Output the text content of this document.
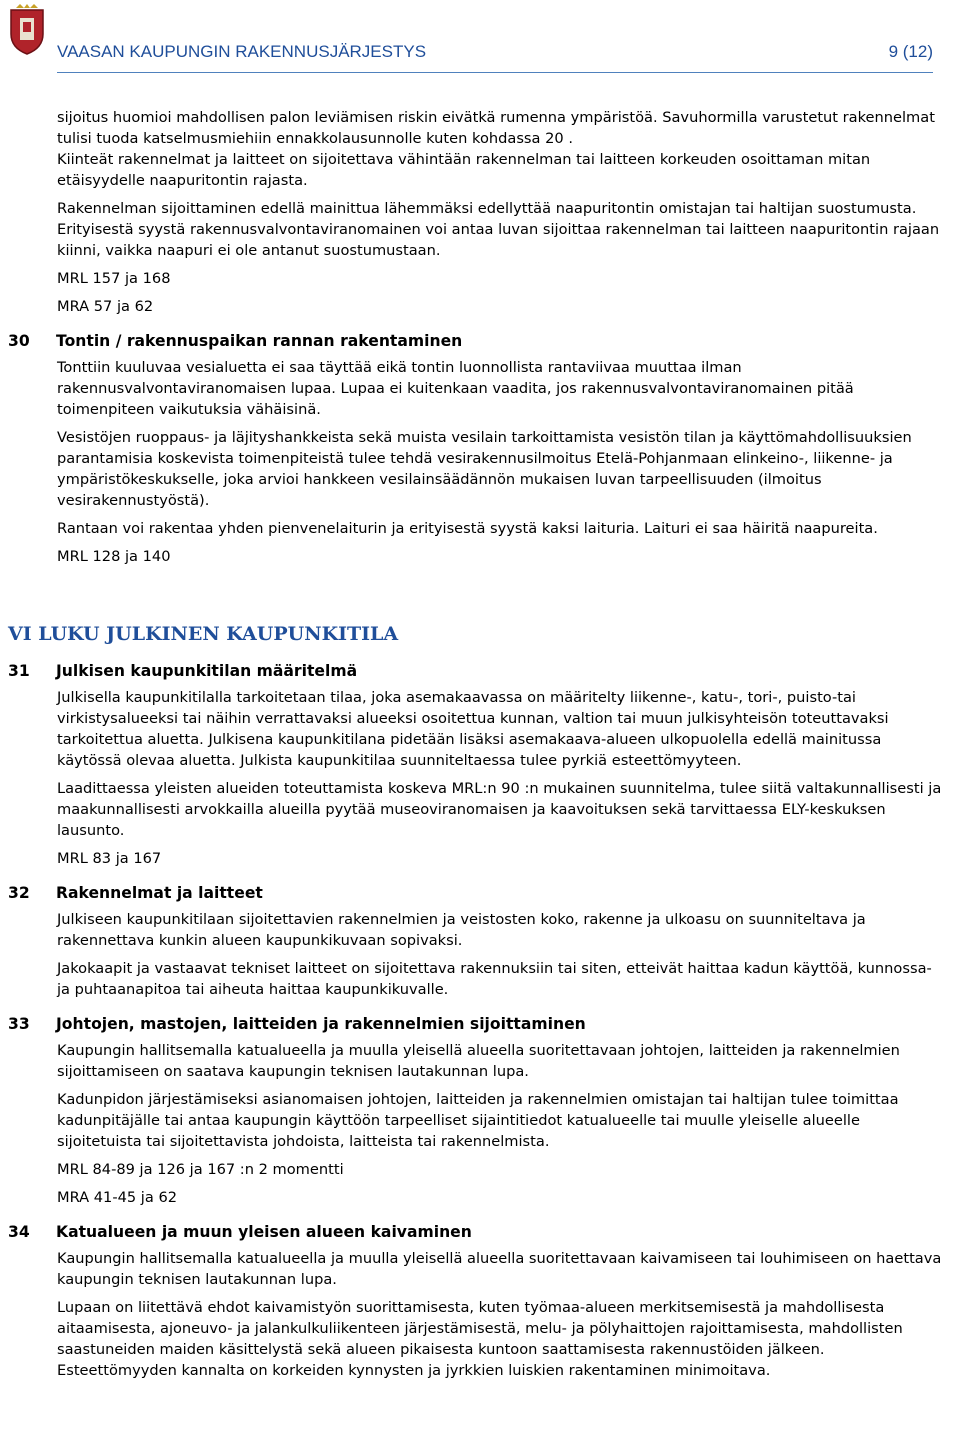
VAASAN KAUPUNGIN RAKENNUSJÄRJESTYS	9 (12)

sijoitus huomioi mahdollisen palon leviämisen riskin eivätkä rumenna ympäristöä. Savuhormilla varustetut rakennelmat tulisi tuoda katselmusmiehiin ennakkolausunnolle kuten kohdassa 20 .

Kiinteät rakennelmat ja laitteet on sijoitettava vähintään rakennelman tai laitteen korkeuden osoittaman mitan etäisyydelle naapuritontin rajasta.

Rakennelman sijoittaminen edellä mainittua lähemmäksi edellyttää naapuritontin omistajan tai haltijan suostumusta. Erityisestä syystä rakennusvalvontaviranomainen voi antaa luvan sijoittaa rakennelman tai laitteen naapuritontin rajaan kiinni, vaikka naapuri ei ole antanut suostumustaan.

MRL 157 ja 168

MRA 57 ja 62

30 Tontin / rakennuspaikan rannan rakentaminen

Tonttiin kuuluvaa vesialuetta ei saa täyttää eikä tontin luonnollista rantaviivaa muuttaa ilman rakennusvalvontaviranomaisen lupaa. Lupaa ei kuitenkaan vaadita, jos rakennusvalvontaviranomainen pitää toimenpiteen vaikutuksia vähäisinä.

Vesistöjen ruoppaus- ja läjityshankkeista sekä muista vesilain tarkoittamista vesistön tilan ja käyttömahdollisuuksien parantamisia koskevista toimenpiteistä tulee tehdä vesirakennusilmoitus Etelä-Pohjanmaan elinkeino-, liikenne- ja ympäristökeskukselle, joka arvioi hankkeen vesilainsäädännön mukaisen luvan tarpeellisuuden (ilmoitus vesirakennustyöstä).

Rantaan voi rakentaa yhden pienvenelaiturin ja erityisestä syystä kaksi laituria. Laituri ei saa häiritä naapureita.

MRL 128 ja 140

VI LUKU JULKINEN KAUPUNKITILA
31 Julkisen kaupunkitilan määritelmä

Julkisella kaupunkitilalla tarkoitetaan tilaa, joka asemakaavassa on määritelty liikenne-, katu-, tori-, puisto-tai virkistysalueeksi tai näihin verrattavaksi alueeksi osoitettua kunnan, valtion tai muun julkisyhteisön toteuttavaksi tarkoitettua aluetta. Julkisena kaupunkitilana pidetään lisäksi asemakaava-alueen ulkopuolella edellä mainitussa käytössä olevaa aluetta. Julkista kaupunkitilaa suunniteltaessa tulee pyrkiä esteettömyyteen.

Laadittaessa yleisten alueiden toteuttamista koskeva MRL:n 90 :n mukainen suunnitelma, tulee siitä valtakunnallisesti ja maakunnallisesti arvokkailla alueilla pyytää museoviranomaisen ja kaavoituksen sekä tarvittaessa ELY-keskuksen lausunto.

MRL 83 ja 167

32 Rakennelmat ja laitteet

Julkiseen kaupunkitilaan sijoitettavien rakennelmien ja veistosten koko, rakenne ja ulkoasu on suunniteltava ja rakennettava kunkin alueen kaupunkikuvaan sopivaksi.

Jakokaapit ja vastaavat tekniset laitteet on sijoitettava rakennuksiin tai siten, etteivät haittaa kadun käyttöä, kunnossa- ja puhtaanapitoa tai aiheuta haittaa kaupunkikuvalle.

33 Johtojen, mastojen, laitteiden ja rakennelmien sijoittaminen

Kaupungin hallitsemalla katualueella ja muulla yleisellä alueella suoritettavaan johtojen, laitteiden ja rakennelmien sijoittamiseen on saatava kaupungin teknisen lautakunnan lupa.

Kadunpidon järjestämiseksi asianomaisen johtojen, laitteiden ja rakennelmien omistajan tai haltijan tulee toimittaa kadunpitäjälle tai antaa kaupungin käyttöön tarpeelliset sijaintitiedot katualueelle tai muulle yleiselle alueelle sijoitetuista tai sijoitettavista johdoista, laitteista tai rakennelmista.

MRL 84-89 ja 126 ja 167 :n 2 momentti

MRA 41-45 ja 62

34 Katualueen ja muun yleisen alueen kaivaminen

Kaupungin hallitsemalla katualueella ja muulla yleisellä alueella suoritettavaan kaivamiseen tai louhimiseen on haettava kaupungin teknisen lautakunnan lupa.

Lupaan on liitettävä ehdot kaivamistyön suorittamisesta, kuten työmaa-alueen merkitsemisestä ja mahdollisesta aitaamisesta, ajoneuvo- ja jalankulkuliikenteen järjestämisestä, melu- ja pölyhaittojen rajoittamisesta, mahdollisten saastuneiden maiden käsittelystä sekä alueen pikaisesta kuntoon saattamisesta rakennustöiden jälkeen. Esteettömyyden kannalta on korkeiden kynnysten ja jyrkkien luiskien rakentaminen minimoitava.
